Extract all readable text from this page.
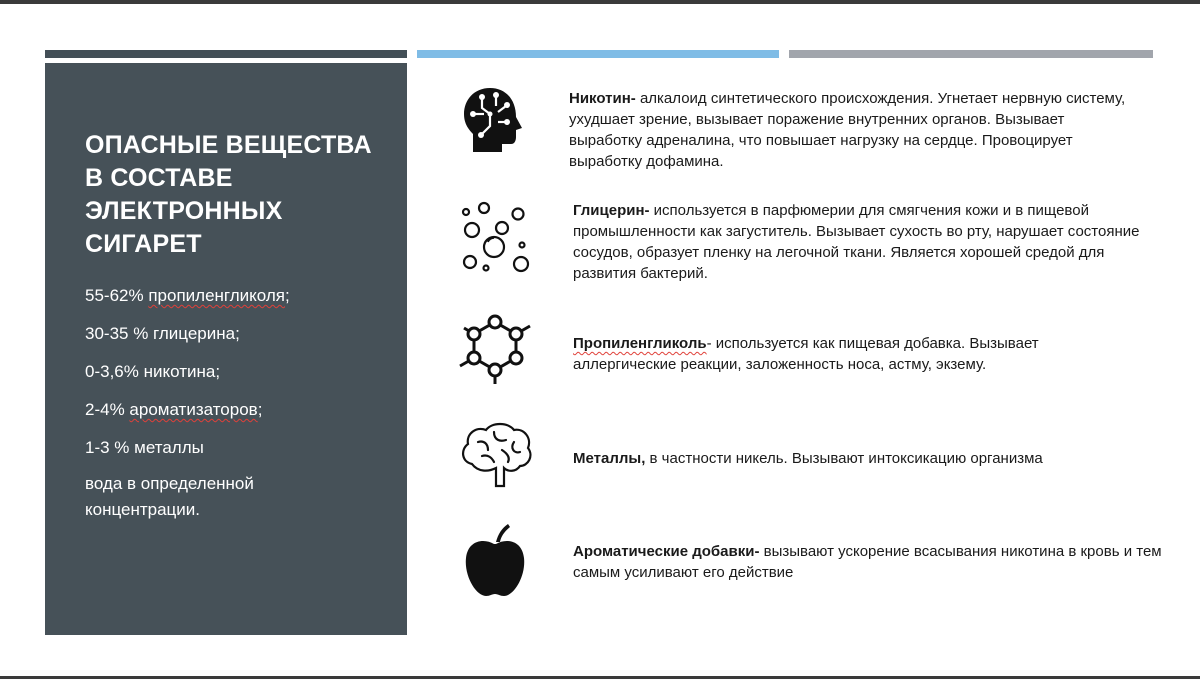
ОПАСНЫЕ ВЕЩЕСТВА В СОСТАВЕ ЭЛЕКТРОННЫХ СИГАРЕТ
55-62% пропиленгликоля;
30-35 % глицерина;
0-3,6% никотина;
2-4% ароматизаторов;
1-3 % металлы
вода в определенной концентрации.

Никотин- алкалоид синтетического происхождения. Угнетает нервную систему, ухудшает зрение, вызывает поражение внутренних органов. Вызывает выработку адреналина, что повышает нагрузку на сердце. Провоцирует выработку дофамина.

Глицерин- используется в парфюмерии для смягчения кожи и в пищевой промышленности как загуститель. Вызывает сухость во рту, нарушает состояние сосудов, образует пленку на легочной ткани. Является хорошей средой для развития бактерий.

Пропиленгликоль- используется как пищевая добавка. Вызывает аллергические реакции, заложенность носа, астму, экзему.

Металлы, в частности никель. Вызывают интоксикацию организма

Ароматические добавки- вызывают ускорение всасывания никотина в кровь и тем самым усиливают его действие
